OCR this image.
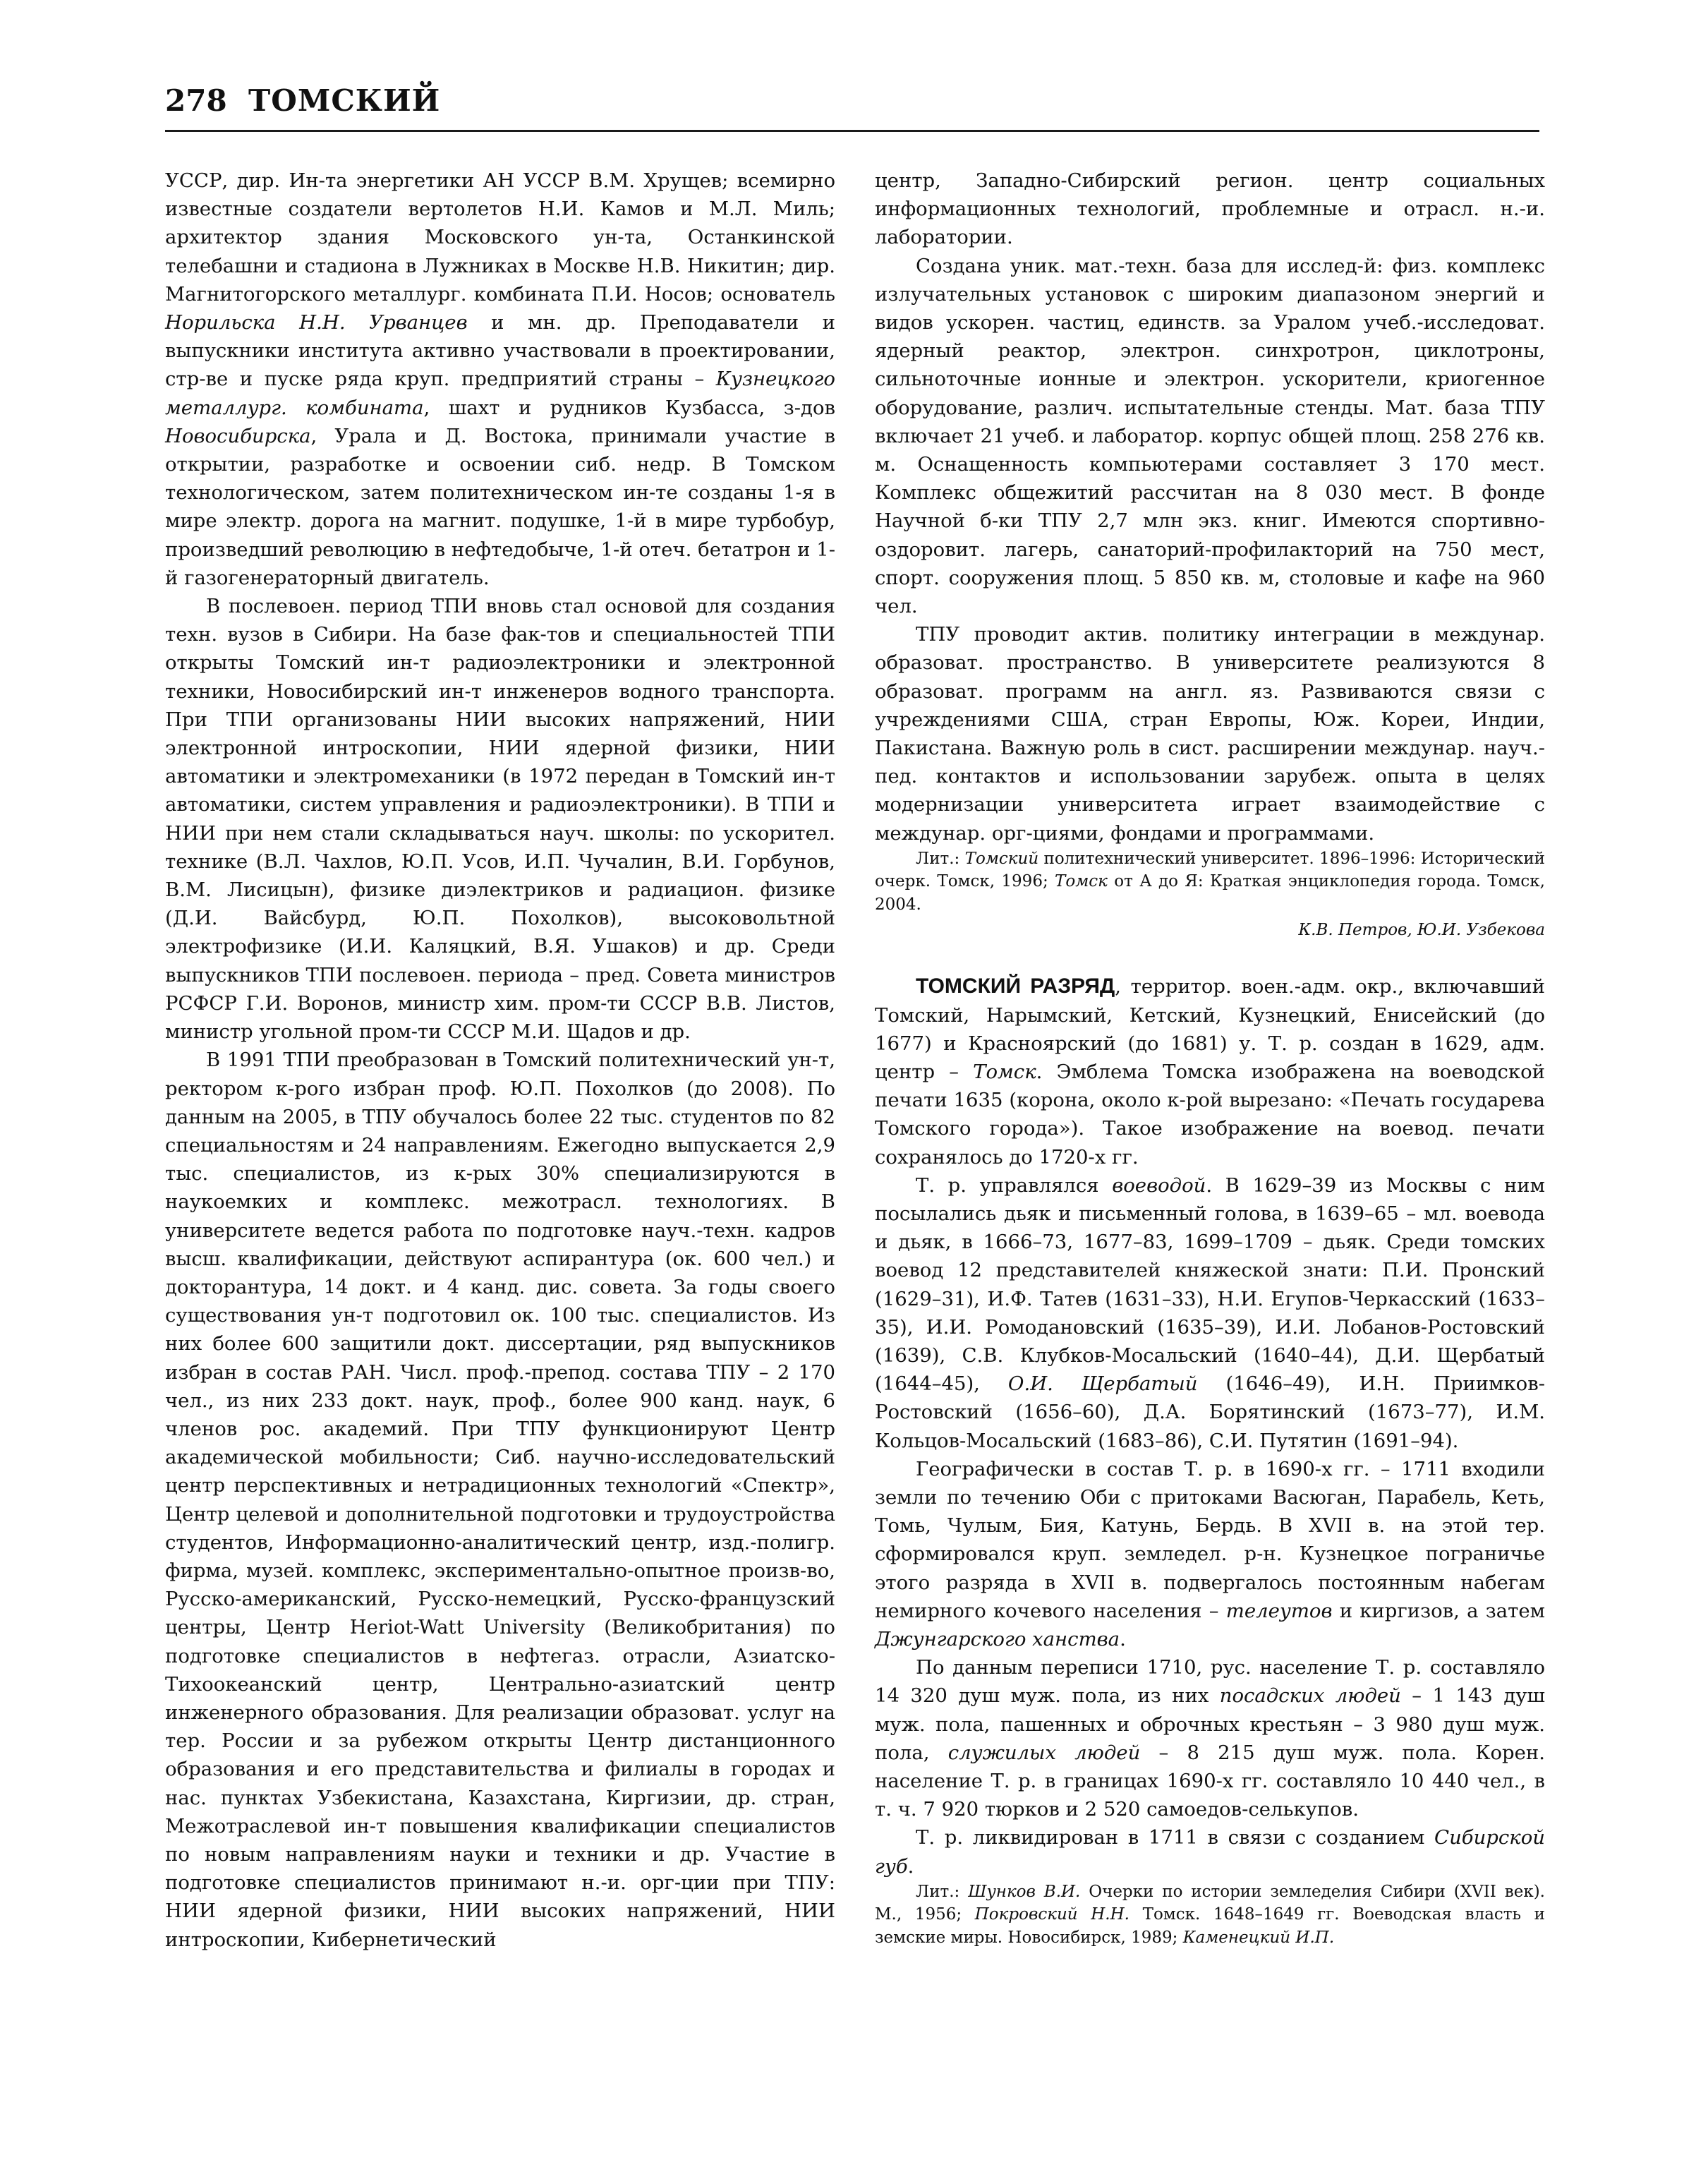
278 ТОМСКИЙ

УССР, дир. Ин-та энергетики АН УССР В.М. Хрущев; всемирно известные создатели вертолетов Н.И. Камов и М.Л. Миль; архитектор здания Московского ун-та, Останкинской телебашни и стадиона в Лужниках в Москве Н.В. Никитин; дир. Магнитогорского металлург. комбината П.И. Носов; основатель Норильска Н.Н. Урванцев и мн. др. Преподаватели и выпускники института активно участвовали в проектировании, стр-ве и пуске ряда круп. предприятий страны – Кузнецкого металлург. комбината, шахт и рудников Кузбасса, з-дов Новосибирска, Урала и Д. Востока, принимали участие в открытии, разработке и освоении сиб. недр. В Томском технологическом, затем политехническом ин-те созданы 1-я в мире электр. дорога на магнит. подушке, 1-й в мире турбобур, произведший революцию в нефтедобыче, 1-й отеч. бетатрон и 1-й газогенераторный двигатель.

В послевоен. период ТПИ вновь стал основой для создания техн. вузов в Сибири. На базе фак-тов и специальностей ТПИ открыты Томский ин-т радиоэлектроники и электронной техники, Новосибирский ин-т инженеров водного транспорта. При ТПИ организованы НИИ высоких напряжений, НИИ электронной интроскопии, НИИ ядерной физики, НИИ автоматики и электромеханики (в 1972 передан в Томский ин-т автоматики, систем управления и радиоэлектроники). В ТПИ и НИИ при нем стали складываться науч. школы: по ускорител. технике (В.Л. Чахлов, Ю.П. Усов, И.П. Чучалин, В.И. Горбунов, В.М. Лисицын), физике диэлектриков и радиацион. физике (Д.И. Вайсбурд, Ю.П. Похолков), высоковольтной электрофизике (И.И. Каляцкий, В.Я. Ушаков) и др. Среди выпускников ТПИ послевоен. периода – пред. Совета министров РСФСР Г.И. Воронов, министр хим. пром-ти СССР В.В. Листов, министр угольной пром-ти СССР М.И. Щадов и др.

В 1991 ТПИ преобразован в Томский политехнический ун-т, ректором к-рого избран проф. Ю.П. Похолков (до 2008). По данным на 2005, в ТПУ обучалось более 22 тыс. студентов по 82 специальностям и 24 направлениям. Ежегодно выпускается 2,9 тыс. специалистов, из к-рых 30% специализируются в наукоемких и комплекс. межотрасл. технологиях. В университете ведется работа по подготовке науч.-техн. кадров высш. квалификации, действуют аспирантура (ок. 600 чел.) и докторантура, 14 докт. и 4 канд. дис. совета. За годы своего существования ун-т подготовил ок. 100 тыс. специалистов. Из них более 600 защитили докт. диссертации, ряд выпускников избран в состав РАН. Числ. проф.-препод. состава ТПУ – 2 170 чел., из них 233 докт. наук, проф., более 900 канд. наук, 6 членов рос. академий. При ТПУ функционируют Центр академической мобильности; Сиб. научно-исследовательский центр перспективных и нетрадиционных технологий «Спектр», Центр целевой и дополнительной подготовки и трудоустройства студентов, Информационно-аналитический центр, изд.-полигр. фирма, музей. комплекс, экспериментально-опытное произв-во, Русско-американский, Русско-немецкий, Русско-французский центры, Центр Heriot-Watt University (Великобритания) по подготовке специалистов в нефтегаз. отрасли, Азиатско-Тихоокеанский центр, Центрально-азиатский центр инженерного образования. Для реализации образоват. услуг на тер. России и за рубежом открыты Центр дистанционного образования и его представительства и филиалы в городах и нас. пунктах Узбекистана, Казахстана, Киргизии, др. стран, Межотраслевой ин-т повышения квалификации специалистов по новым направлениям науки и техники и др. Участие в подготовке специалистов принимают н.-и. орг-ции при ТПУ: НИИ ядерной физики, НИИ высоких напряжений, НИИ интроскопии, Кибернетический

центр, Западно-Сибирский регион. центр социальных информационных технологий, проблемные и отрасл. н.-и. лаборатории.

Создана уник. мат.-техн. база для исслед-й: физ. комплекс излучательных установок с широким диапазоном энергий и видов ускорен. частиц, единств. за Уралом учеб.-исследоват. ядерный реактор, электрон. синхротрон, циклотроны, сильноточные ионные и электрон. ускорители, криогенное оборудование, различ. испытательные стенды. Мат. база ТПУ включает 21 учеб. и лаборатор. корпус общей площ. 258 276 кв. м. Оснащенность компьютерами составляет 3 170 мест. Комплекс общежитий рассчитан на 8 030 мест. В фонде Научной б-ки ТПУ 2,7 млн экз. книг. Имеются спортивно-оздоровит. лагерь, санаторий-профилакторий на 750 мест, спорт. сооружения площ. 5 850 кв. м, столовые и кафе на 960 чел.

ТПУ проводит актив. политику интеграции в междунар. образоват. пространство. В университете реализуются 8 образоват. программ на англ. яз. Развиваются связи с учреждениями США, стран Европы, Юж. Кореи, Индии, Пакистана. Важную роль в сист. расширении междунар. науч.-пед. контактов и использовании зарубеж. опыта в целях модернизации университета играет взаимодействие с междунар. орг-циями, фондами и программами.

Лит.: Томский политехнический университет. 1896–1996: Исторический очерк. Томск, 1996; Томск от А до Я: Краткая энциклопедия города. Томск, 2004.

К.В. Петров, Ю.И. Узбекова

ТОМСКИЙ РАЗРЯД, территор. воен.-адм. окр., включавший Томский, Нарымский, Кетский, Кузнецкий, Енисейский (до 1677) и Красноярский (до 1681) у. Т. р. создан в 1629, адм. центр – Томск. Эмблема Томска изображена на воеводской печати 1635 (корона, около к-рой вырезано: «Печать государева Томского города»). Такое изображение на воевод. печати сохранялось до 1720-х гг.

Т. р. управлялся воеводой. В 1629–39 из Москвы с ним посылались дьяк и письменный голова, в 1639–65 – мл. воевода и дьяк, в 1666–73, 1677–83, 1699–1709 – дьяк. Среди томских воевод 12 представителей княжеской знати: П.И. Пронский (1629–31), И.Ф. Татев (1631–33), Н.И. Егупов-Черкасский (1633–35), И.И. Ромодановский (1635–39), И.И. Лобанов-Ростовский (1639), С.В. Клубков-Мосальский (1640–44), Д.И. Щербатый (1644–45), О.И. Щербатый (1646–49), И.Н. Приимков-Ростовский (1656–60), Д.А. Борятинский (1673–77), И.М. Кольцов-Мосальский (1683–86), С.И. Путятин (1691–94).

Географически в состав Т. р. в 1690-х гг. – 1711 входили земли по течению Оби с притоками Васюган, Парабель, Кеть, Томь, Чулым, Бия, Катунь, Бердь. В XVII в. на этой тер. сформировался круп. земледел. р-н. Кузнецкое пограничье этого разряда в XVII в. подвергалось постоянным набегам немирного кочевого населения – телеутов и киргизов, а затем Джунгарского ханства.

По данным переписи 1710, рус. население Т. р. составляло 14 320 душ муж. пола, из них посадских людей – 1 143 душ муж. пола, пашенных и оброчных крестьян – 3 980 душ муж. пола, служилых людей – 8 215 душ муж. пола. Корен. население Т. р. в границах 1690-х гг. составляло 10 440 чел., в т. ч. 7 920 тюрков и 2 520 самоедов-селькупов.

Т. р. ликвидирован в 1711 в связи с созданием Сибирской губ.

Лит.: Шунков В.И. Очерки по истории земледелия Сибири (XVII век). М., 1956; Покровский Н.Н. Томск. 1648–1649 гг. Воеводская власть и земские миры. Новосибирск, 1989; Каменецкий И.П.
